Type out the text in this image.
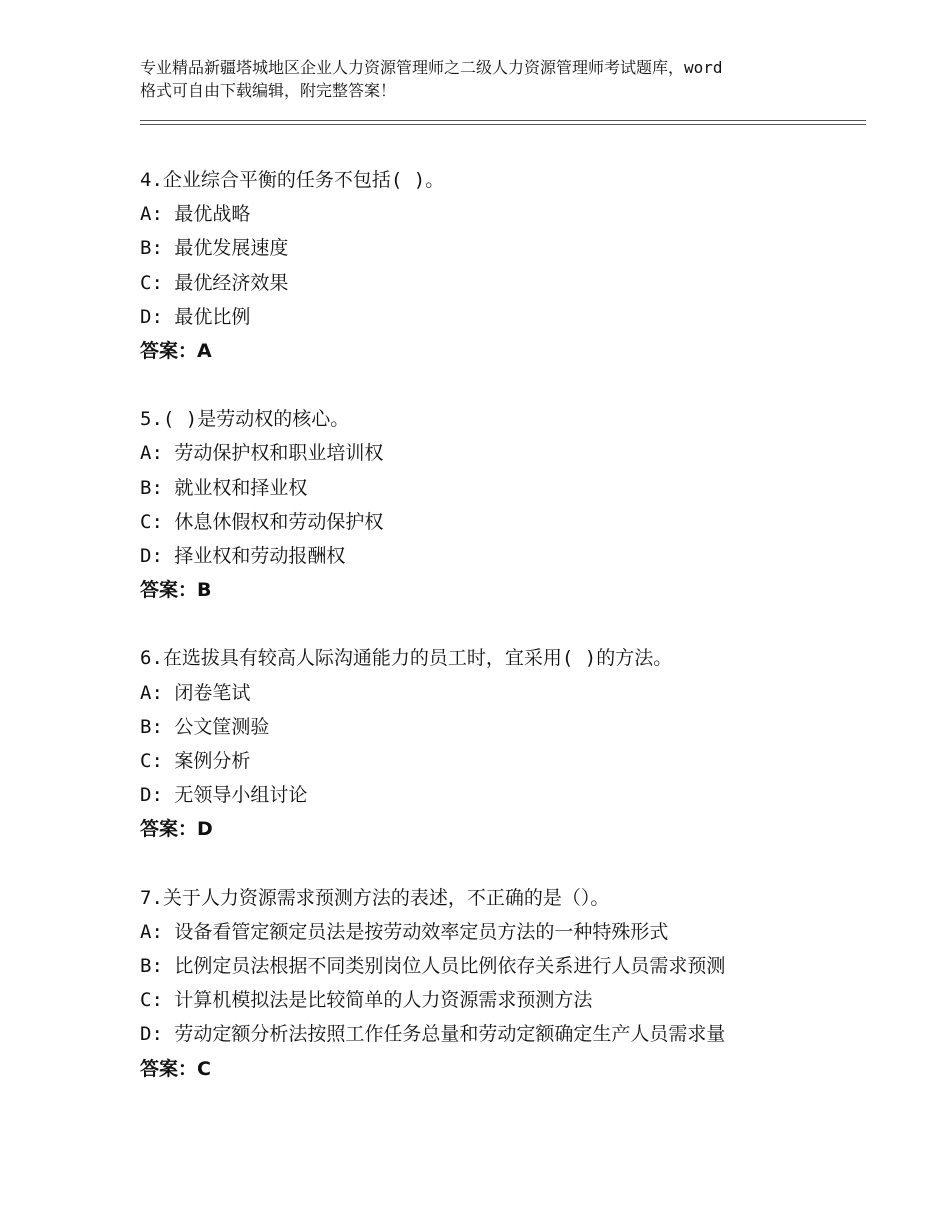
专业精品新疆塔城地区企业人力资源管理师之二级人力资源管理师考试题库，word
格式可自由下载编辑，附完整答案！
4.企业综合平衡的任务不包括( )。
A: 最优战略
B: 最优发展速度
C: 最优经济效果
D: 最优比例
答案：A
5.( )是劳动权的核心。
A: 劳动保护权和职业培训权
B: 就业权和择业权
C: 休息休假权和劳动保护权
D: 择业权和劳动报酬权
答案：B
6.在选拔具有较高人际沟通能力的员工时，宜采用( )的方法。
A: 闭卷笔试
B: 公文筐测验
C: 案例分析
D: 无领导小组讨论
答案：D
7.关于人力资源需求预测方法的表述，不正确的是（）。
A: 设备看管定额定员法是按劳动效率定员方法的一种特殊形式
B: 比例定员法根据不同类别岗位人员比例依存关系进行人员需求预测
C: 计算机模拟法是比较简单的人力资源需求预测方法
D: 劳动定额分析法按照工作任务总量和劳动定额确定生产人员需求量
答案：C
